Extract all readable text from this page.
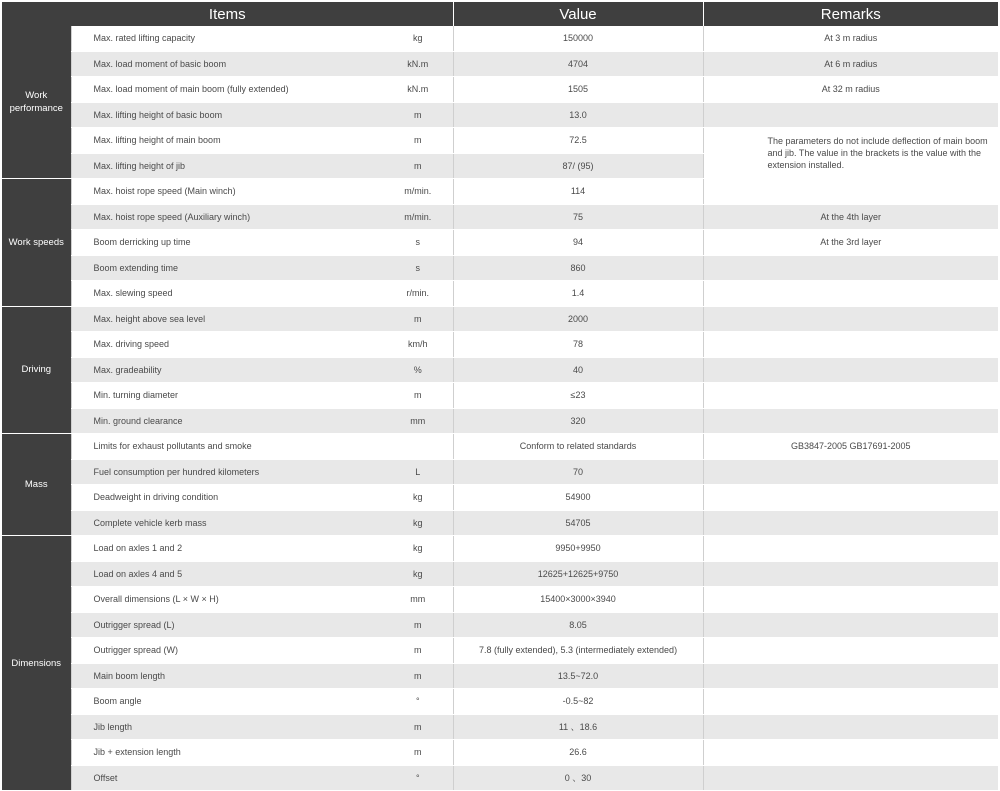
Items			Value	Remarks
Work performance	Max. rated lifting capacity	kg	150000	At 3 m radius
	Max. load moment of basic boom	kN.m	4704	At 6 m radius
	Max. load moment of main boom (fully extended)	kN.m	1505	At 32 m radius
	Max. lifting height of basic boom	m	13.0	
	Max. lifting height of main boom	m	72.5	The parameters do not include deflection of main boom and jib. The value in the brackets is the value with the extension installed.
	Max. lifting height of jib	m	87/ (95)	
Work speeds	Max. hoist rope speed (Main winch)	m/min.	114	
	Max. hoist rope speed (Auxiliary winch)	m/min.	75	At the 4th layer
	Boom derricking up time	s	94	At the 3rd layer
	Boom extending time	s	860	
	Max. slewing speed	r/min.	1.4	
Driving	Max. height above sea level	m	2000	
	Max. driving speed	km/h	78	
	Max. gradeability	%	40	
	Min. turning diameter	m	≤23	
	Min. ground clearance	mm	320	
Mass	Limits for exhaust pollutants and smoke		Conform to related standards	GB3847-2005 GB17691-2005
	Fuel consumption per hundred kilometers	L	70	
	Deadweight in driving condition	kg	54900	
	Complete vehicle kerb mass	kg	54705	
Dimensions	Load on axles 1 and 2	kg	9950+9950	
	Load on axles 4 and 5	kg	12625+12625+9750	
	Overall dimensions (L × W × H)	mm	15400×3000×3940	
	Outrigger spread (L)	m	8.05	
	Outrigger spread (W)	m	7.8 (fully extended), 5.3 (intermediately extended)	
	Main boom length	m	13.5~72.0	
	Boom angle	°	-0.5~82	
	Jib length	m	11 、18.6	
	Jib + extension length	m	26.6	
	Offset	°	0 、30	
